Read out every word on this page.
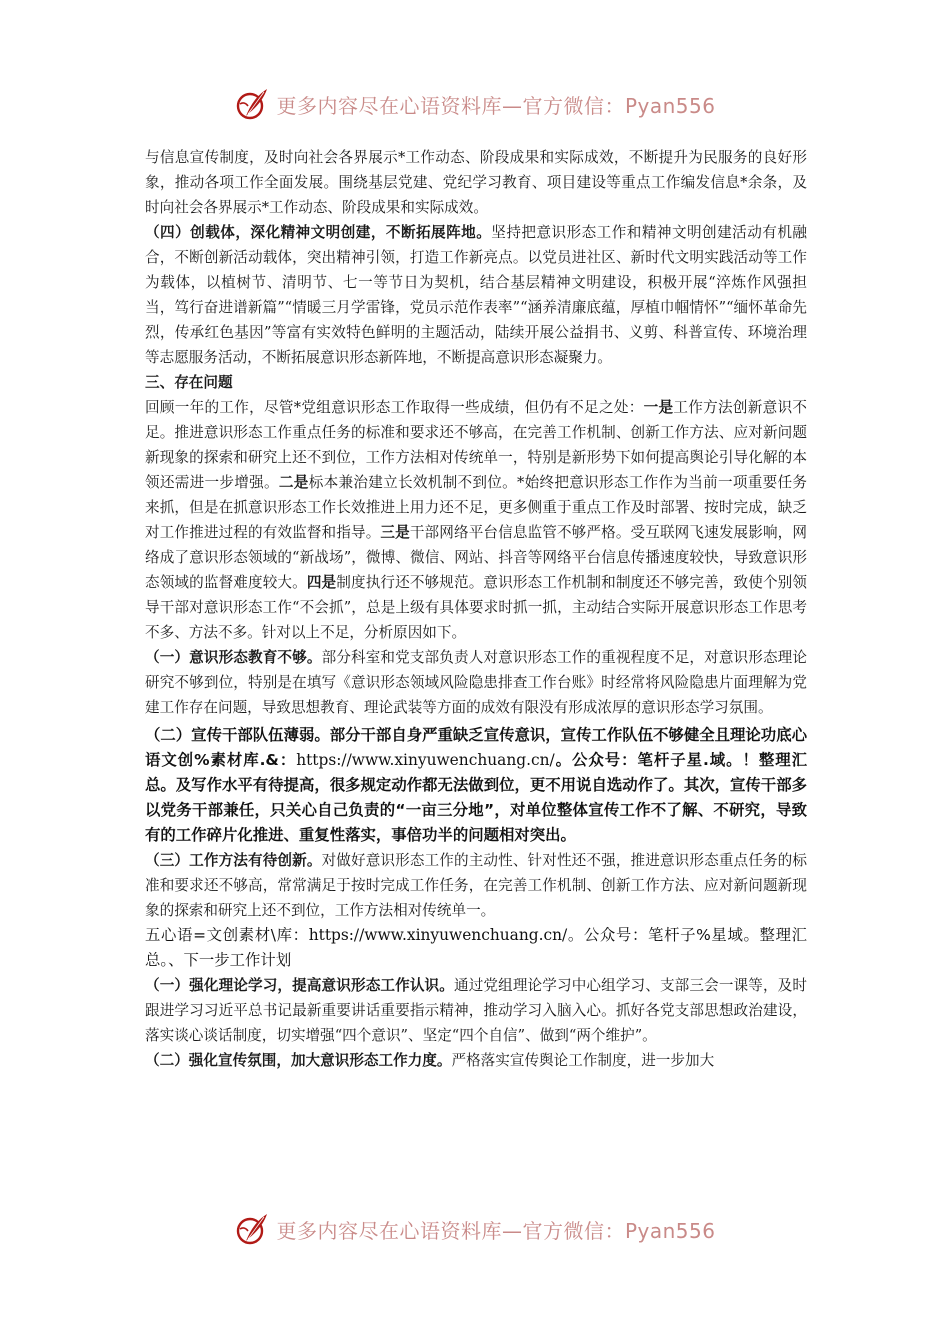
更多内容尽在心语资料库—官方微信：Pyan556

与信息宣传制度，及时向社会各界展示*工作动态、阶段成果和实际成效，不断提升为民服务的良好形象，推动各项工作全面发展。围绕基层党建、党纪学习教育、项目建设等重点工作编发信息*余条，及时向社会各界展示*工作动态、阶段成果和实际成效。

（四）创载体，深化精神文明创建，不断拓展阵地。坚持把意识形态工作和精神文明创建活动有机融合，不断创新活动载体，突出精神引领，打造工作新亮点。以党员进社区、新时代文明实践活动等工作为载体，以植树节、清明节、七一等节日为契机，结合基层精神文明建设，积极开展“淬炼作风强担当，笃行奋进谱新篇”“情暖三月学雷锋，党员示范作表率”“涵养清廉底蕴，厚植巾帼情怀”“缅怀革命先烈，传承红色基因”等富有实效特色鲜明的主题活动，陆续开展公益捐书、义剪、科普宣传、环境治理等志愿服务活动，不断拓展意识形态新阵地，不断提高意识形态凝聚力。

三、存在问题

回顾一年的工作，尽管*党组意识形态工作取得一些成绩，但仍有不足之处：一是工作方法创新意识不足。推进意识形态工作重点任务的标准和要求还不够高，在完善工作机制、创新工作方法、应对新问题新现象的探索和研究上还不到位，工作方法相对传统单一，特别是新形势下如何提高舆论引导化解的本领还需进一步增强。二是标本兼治建立长效机制不到位。*始终把意识形态工作作为当前一项重要任务来抓，但是在抓意识形态工作长效推进上用力还不足，更多侧重于重点工作及时部署、按时完成，缺乏对工作推进过程的有效监督和指导。三是干部网络平台信息监管不够严格。受互联网飞速发展影响，网络成了意识形态领域的“新战场”，微博、微信、网站、抖音等网络平台信息传播速度较快，导致意识形态领域的监督难度较大。四是制度执行还不够规范。意识形态工作机制和制度还不够完善，致使个别领导干部对意识形态工作“不会抓”，总是上级有具体要求时抓一抓，主动结合实际开展意识形态工作思考不多、方法不多。针对以上不足，分析原因如下。

（一）意识形态教育不够。部分科室和党支部负责人对意识形态工作的重视程度不足，对意识形态理论研究不够到位，特别是在填写《意识形态领域风险隐患排查工作台账》时经常将风险隐患片面理解为党建工作存在问题，导致思想教育、理论武装等方面的成效有限没有形成浓厚的意识形态学习氛围。

（二）宣传干部队伍薄弱。部分干部自身严重缺乏宣传意识，宣传工作队伍不够健全且理论功底心语文创%素材库.&：https://www.xinyuwenchuang.cn/。公众号：笔杆子星.域。！整理汇总。及写作水平有待提高，很多规定动作都无法做到位，更不用说自选动作了。其次，宣传干部多以党务干部兼任，只关心自己负责的“一亩三分地”，对单位整体宣传工作不了解、不研究，导致有的工作碎片化推进、重复性落实，事倍功半的问题相对突出。

（三）工作方法有待创新。对做好意识形态工作的主动性、针对性还不强，推进意识形态重点任务的标准和要求还不够高，常常满足于按时完成工作任务，在完善工作机制、创新工作方法、应对新问题新现象的探索和研究上还不到位，工作方法相对传统单一。

五心语=文创素材\库：https://www.xinyuwenchuang.cn/。公众号：笔杆子%星域。整理汇总。、下一步工作计划

（一）强化理论学习，提高意识形态工作认识。通过党组理论学习中心组学习、支部三会一课等，及时跟进学习习近平总书记最新重要讲话重要指示精神，推动学习入脑入心。抓好各党支部思想政治建设，落实谈心谈话制度，切实增强“四个意识”、坚定“四个自信”、做到“两个维护”。

（二）强化宣传氛围，加大意识形态工作力度。严格落实宣传舆论工作制度，进一步加大

更多内容尽在心语资料库—官方微信：Pyan556
